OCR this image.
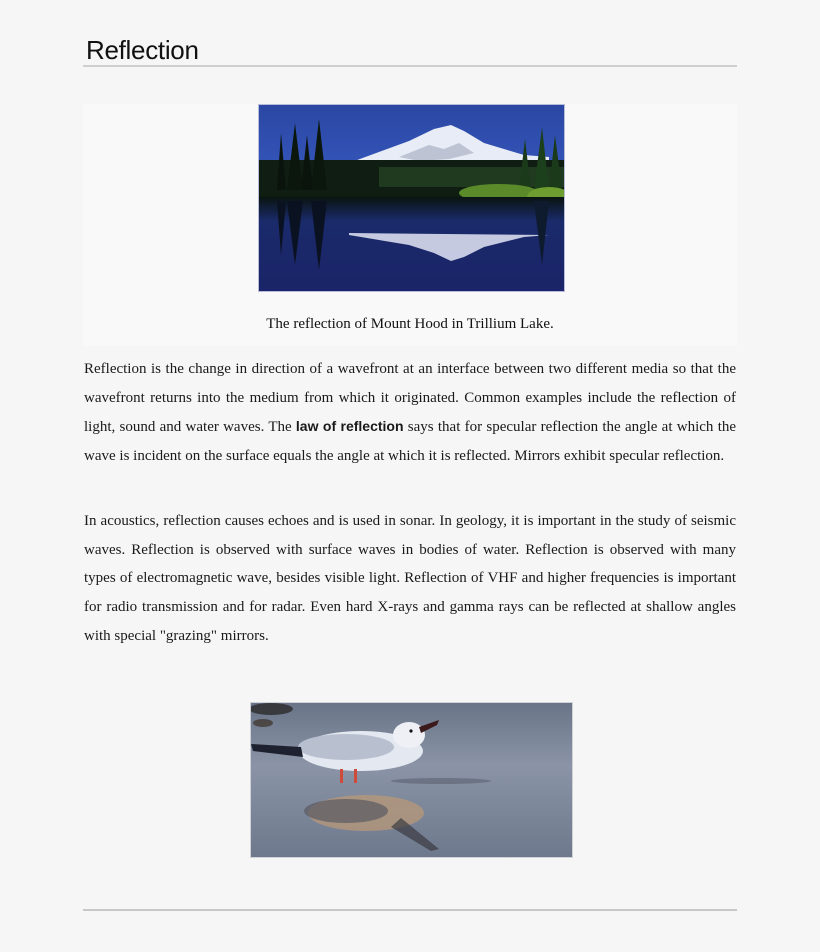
Reflection
The reflection of Mount Hood in Trillium Lake.

Reflection is the change in direction of a wavefront at an interface between two different media so that the wavefront returns into the medium from which it originated. Common examples include the reflection of light, sound and water waves. The law of reflection says that for specular reflection the angle at which the wave is incident on the surface equals the angle at which it is reflected. Mirrors exhibit specular reflection.

In acoustics, reflection causes echoes and is used in sonar. In geology, it is important in the study of seismic waves. Reflection is observed with surface waves in bodies of water. Reflection is observed with many types of electromagnetic wave, besides visible light. Reflection of VHF and higher frequencies is important for radio transmission and for radar. Even hard X-rays and gamma rays can be reflected at shallow angles with special "grazing" mirrors.
